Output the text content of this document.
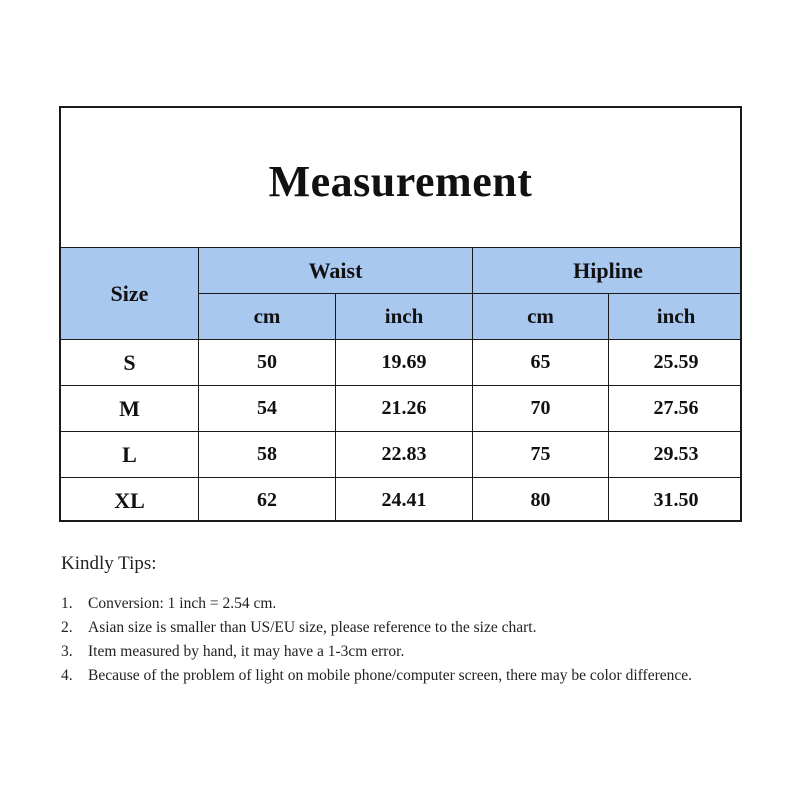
Measurement
Size	Waist		Hipline	
	cm	inch	cm	inch
S	50	19.69	65	25.59
M	54	21.26	70	27.56
L	58	22.83	75	29.53
XL	62	24.41	80	31.50
Kindly Tips:
1. Conversion: 1 inch = 2.54 cm.
2. Asian size is smaller than US/EU size, please reference to the size chart.
3. Item measured by hand, it may have a 1-3cm error.
4. Because of the problem of light on mobile phone/computer screen, there may be color difference.
